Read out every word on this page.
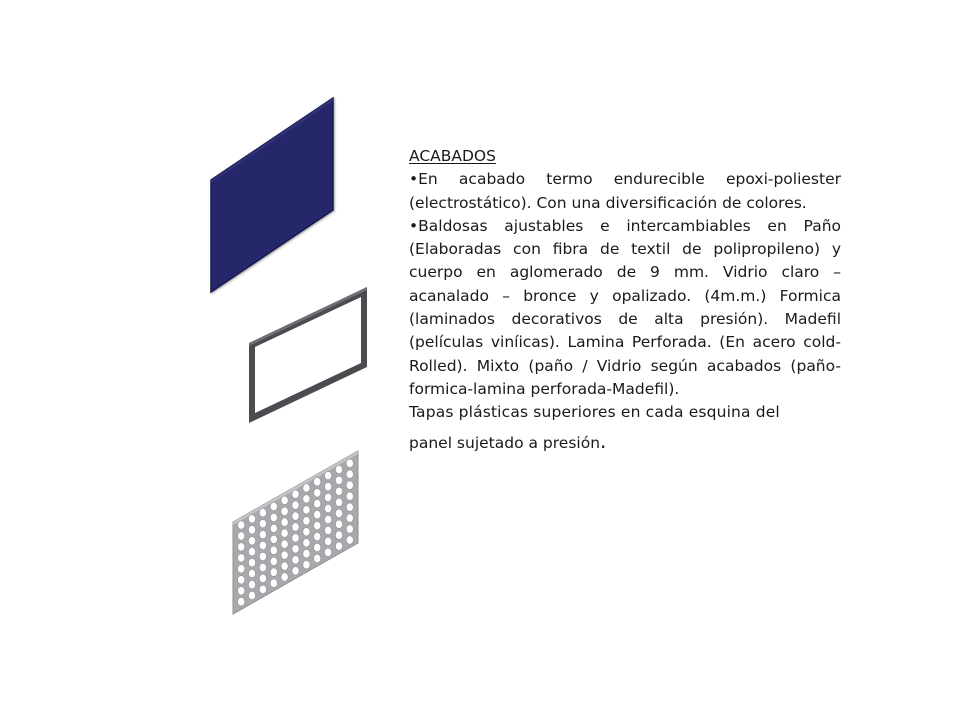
ACABADOS

•En acabado termo endurecible epoxi-poliester (electrostático). Con una diversificación de colores.

•Baldosas ajustables e intercambiables en Paño (Elaboradas con fibra de textil de polipropileno) y cuerpo en aglomerado de 9 mm. Vidrio claro – acanalado – bronce y opalizado. (4m.m.) Formica (laminados decorativos de alta presión). Madefil (películas viníicas). Lamina Perforada. (En acero cold-Rolled). Mixto (paño / Vidrio según acabados (paño-formica-lamina perforada-Madefil).

Tapas plásticas superiores en cada esquina del

panel sujetado a presión.
